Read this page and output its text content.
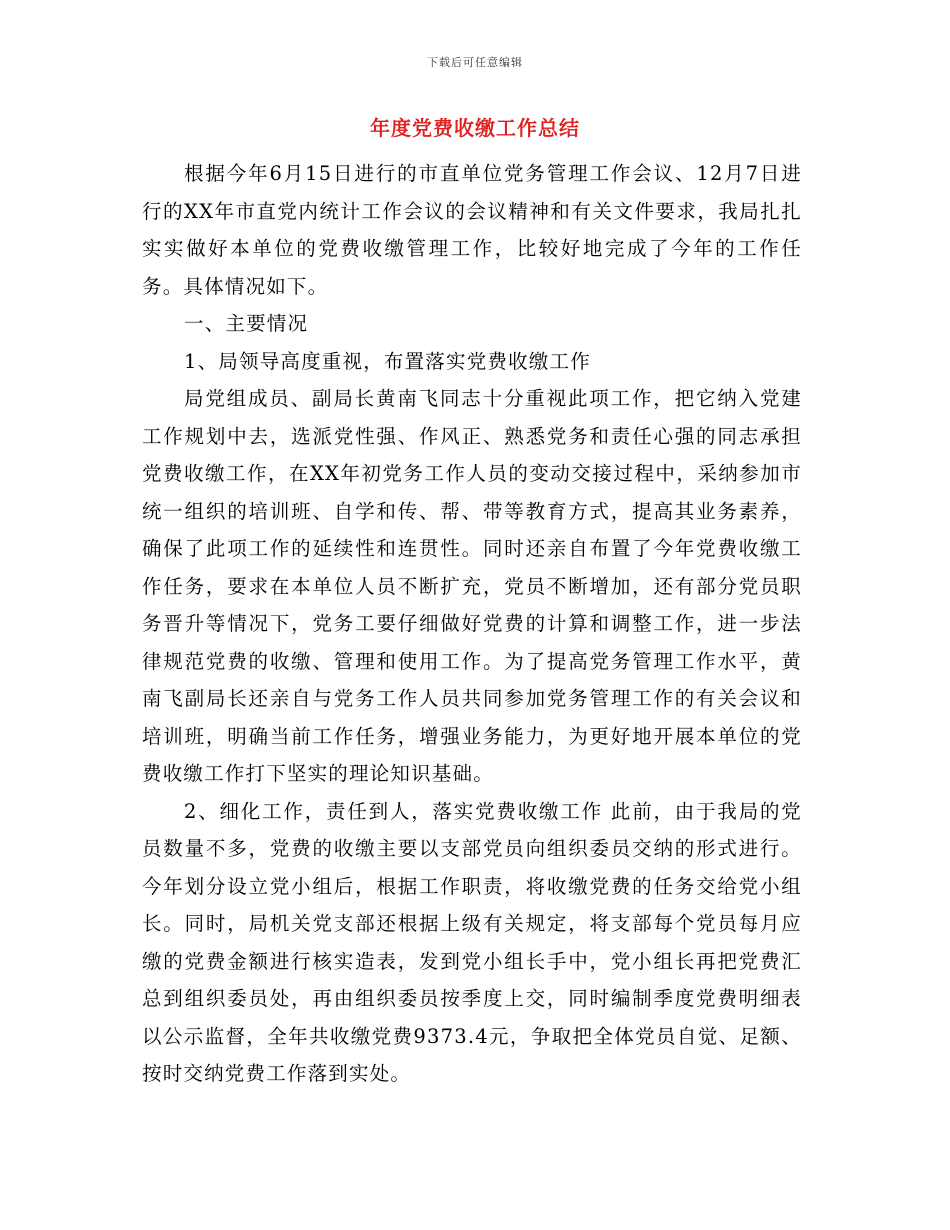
下载后可任意编辑
年度党费收缴工作总结

根据今年6月15日进行的市直单位党务管理工作会议、12月7日进行的XX年市直党内统计工作会议的会议精神和有关文件要求，我局扎扎实实做好本单位的党费收缴管理工作，比较好地完成了今年的工作任务。具体情况如下。

一、主要情况

1、局领导高度重视，布置落实党费收缴工作

局党组成员、副局长黄南飞同志十分重视此项工作，把它纳入党建工作规划中去，选派党性强、作风正、熟悉党务和责任心强的同志承担党费收缴工作，在XX年初党务工作人员的变动交接过程中，采纳参加市统一组织的培训班、自学和传、帮、带等教育方式，提高其业务素养，确保了此项工作的延续性和连贯性。同时还亲自布置了今年党费收缴工作任务，要求在本单位人员不断扩充，党员不断增加，还有部分党员职务晋升等情况下，党务工要仔细做好党费的计算和调整工作，进一步法律规范党费的收缴、管理和使用工作。为了提高党务管理工作水平，黄南飞副局长还亲自与党务工作人员共同参加党务管理工作的有关会议和培训班，明确当前工作任务，增强业务能力，为更好地开展本单位的党费收缴工作打下坚实的理论知识基础。

2、细化工作，责任到人，落实党费收缴工作 此前，由于我局的党员数量不多，党费的收缴主要以支部党员向组织委员交纳的形式进行。今年划分设立党小组后，根据工作职责，将收缴党费的任务交给党小组长。同时，局机关党支部还根据上级有关规定，将支部每个党员每月应缴的党费金额进行核实造表，发到党小组长手中，党小组长再把党费汇总到组织委员处，再由组织委员按季度上交，同时编制季度党费明细表以公示监督，全年共收缴党费9373.4元，争取把全体党员自觉、足额、按时交纳党费工作落到实处。
